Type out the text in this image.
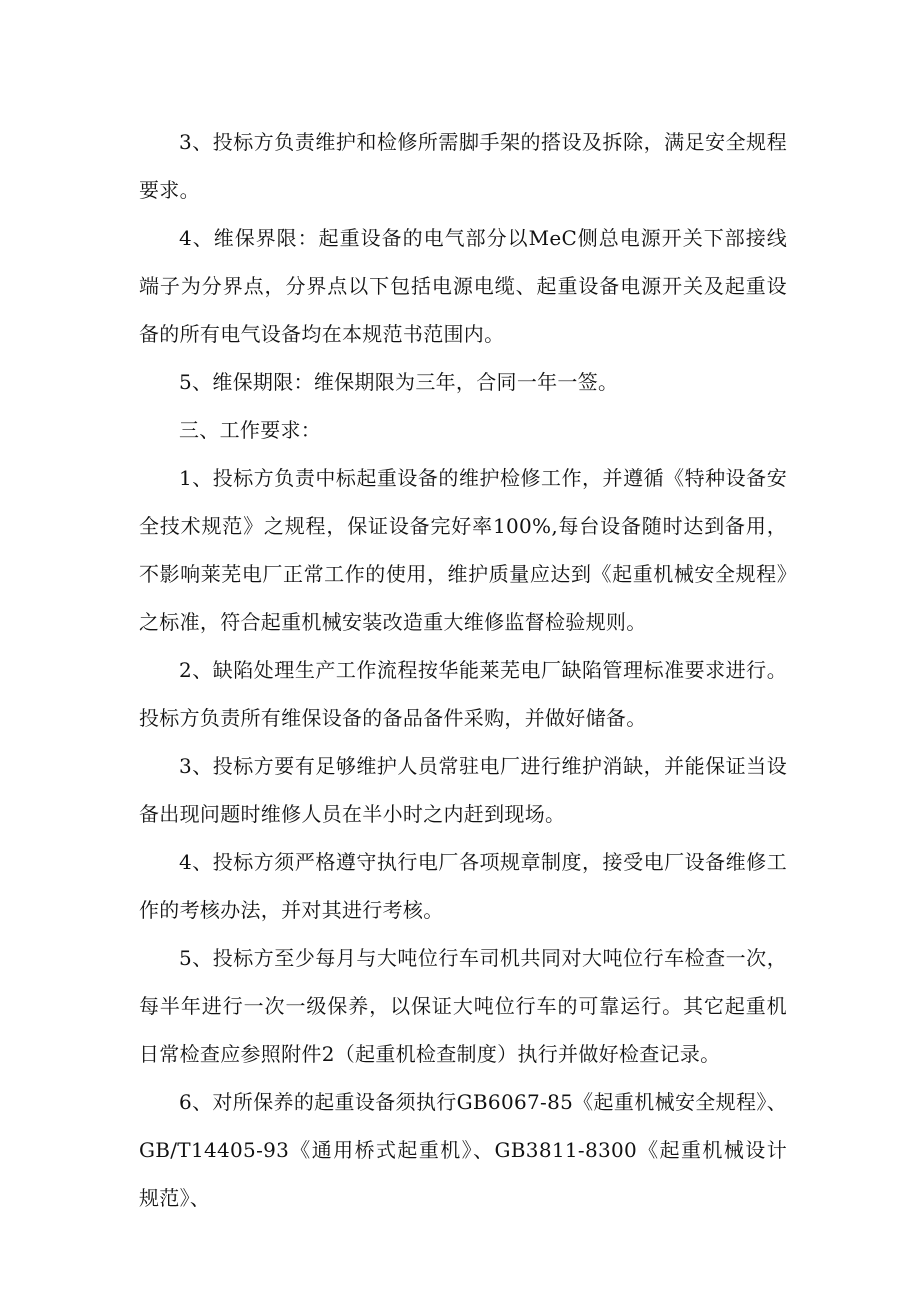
3、投标方负责维护和检修所需脚手架的搭设及拆除，满足安全规程要求。

4、维保界限：起重设备的电气部分以MeC侧总电源开关下部接线端子为分界点，分界点以下包括电源电缆、起重设备电源开关及起重设备的所有电气设备均在本规范书范围内。

5、维保期限：维保期限为三年，合同一年一签。

三、工作要求：

1、投标方负责中标起重设备的维护检修工作，并遵循《特种设备安全技术规范》之规程，保证设备完好率100%,每台设备随时达到备用，不影响莱芜电厂正常工作的使用，维护质量应达到《起重机械安全规程》之标准，符合起重机械安装改造重大维修监督检验规则。

2、缺陷处理生产工作流程按华能莱芜电厂缺陷管理标准要求进行。投标方负责所有维保设备的备品备件采购，并做好储备。

3、投标方要有足够维护人员常驻电厂进行维护消缺，并能保证当设备出现问题时维修人员在半小时之内赶到现场。

4、投标方须严格遵守执行电厂各项规章制度，接受电厂设备维修工作的考核办法，并对其进行考核。

5、投标方至少每月与大吨位行车司机共同对大吨位行车检查一次，每半年进行一次一级保养，以保证大吨位行车的可靠运行。其它起重机日常检查应参照附件2（起重机检查制度）执行并做好检查记录。

6、对所保养的起重设备须执行GB6067-85《起重机械安全规程》、GB/T14405-93《通用桥式起重机》、GB3811-8300《起重机械设计规范》、
